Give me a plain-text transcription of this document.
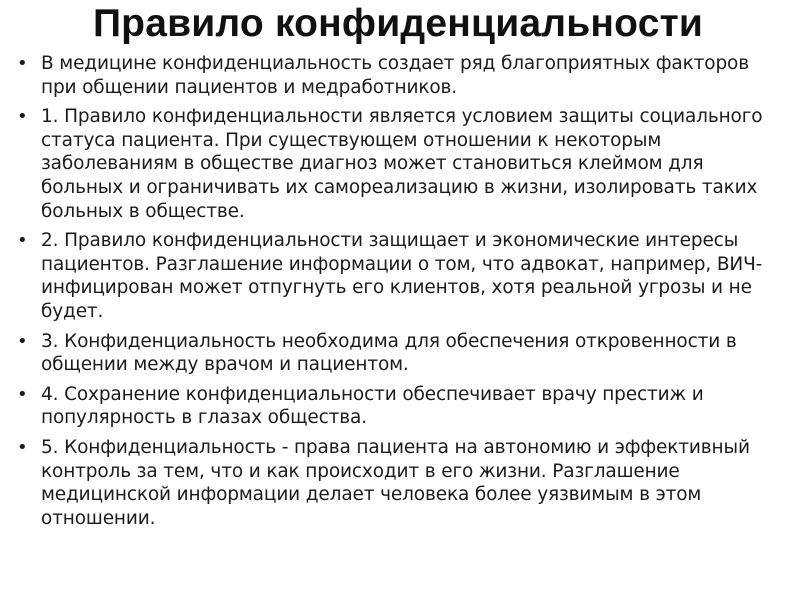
Правило конфиденциальности
• В медицине конфиденциальность создает ряд благоприятных факторов при общении пациентов и медработников.
• 1. Правило конфиденциальности является условием защиты социального статуса пациента. При существующем отношении к некоторым заболеваниям в обществе диагноз может становиться клеймом для больных и ограничивать их самореализацию в жизни, изолировать таких больных в обществе.
• 2. Правило конфиденциальности защищает и экономические интересы пациентов. Разглашение информации о том, что адвокат, например, ВИЧ-инфицирован может отпугнуть его клиентов, хотя реальной угрозы и не будет.
• 3. Конфиденциальность необходима для обеспечения откровенности в общении между врачом и пациентом.
• 4. Сохранение конфиденциальности обеспечивает врачу престиж и популярность в глазах общества.
• 5. Конфиденциальность - права пациента на автономию и эффективный контроль за тем, что и как происходит в его жизни. Разглашение медицинской информации делает человека более уязвимым в этом отношении.
